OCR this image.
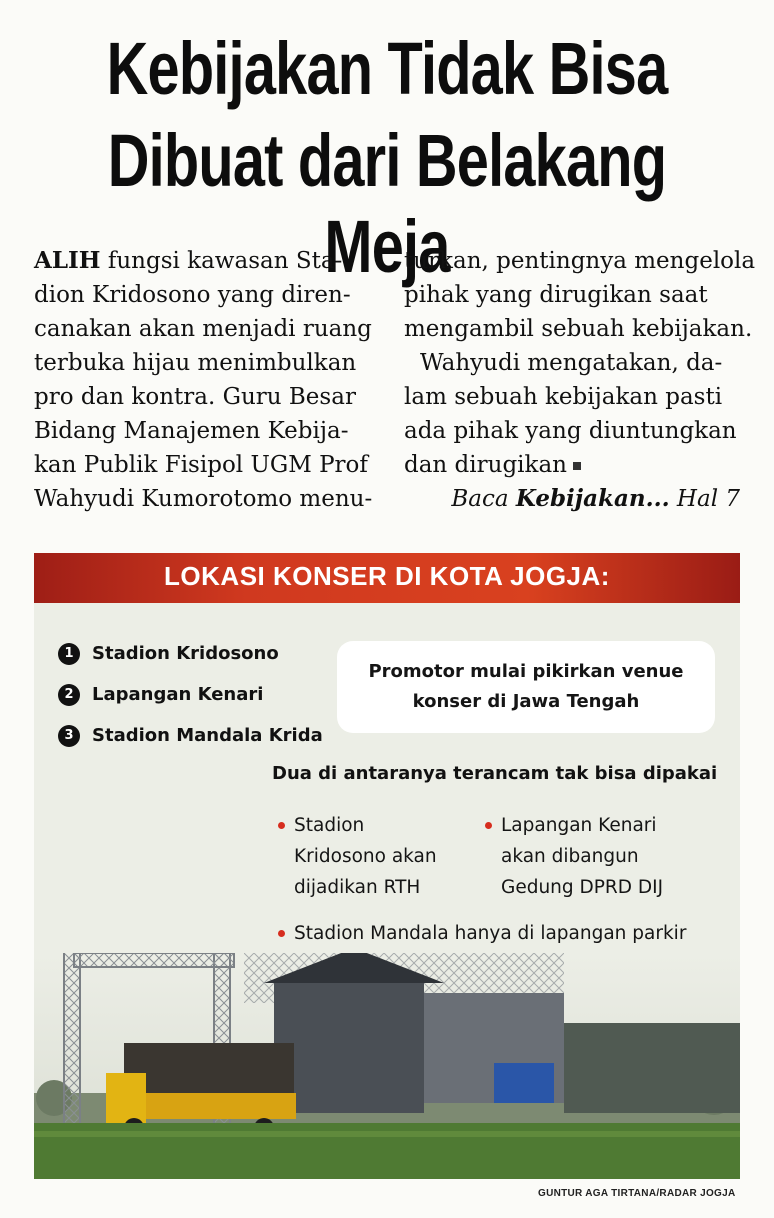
Kebijakan Tidak Bisa
Dibuat dari Belakang Meja
ALIH fungsi kawasan Sta-
dion Kridosono yang diren-
canakan akan menjadi ruang
terbuka hijau menimbulkan
pro dan kontra. Guru Besar
Bidang Manajemen Kebija-
kan Publik Fisipol UGM Prof
Wahyudi Kumorotomo menu-
turkan, pentingnya mengelola
pihak yang dirugikan saat
mengambil sebuah kebijakan.
Wahyudi mengatakan, da-
lam sebuah kebijakan pasti
ada pihak yang diuntungkan
dan dirugikan
Baca Kebijakan... Hal 7
LOKASI KONSER DI KOTA JOGJA:
1	Stadion Kridosono
2	Lapangan Kenari
3	Stadion Mandala Krida
Promotor mulai pikirkan venue
konser di Jawa Tengah
Dua di antaranya terancam tak bisa dipakai
Stadion
Kridosono akan
dijadikan RTH
Lapangan Kenari
akan dibangun
Gedung DPRD DIJ
Stadion Mandala hanya di lapangan parkir
GUNTUR AGA TIRTANA/RADAR JOGJA
